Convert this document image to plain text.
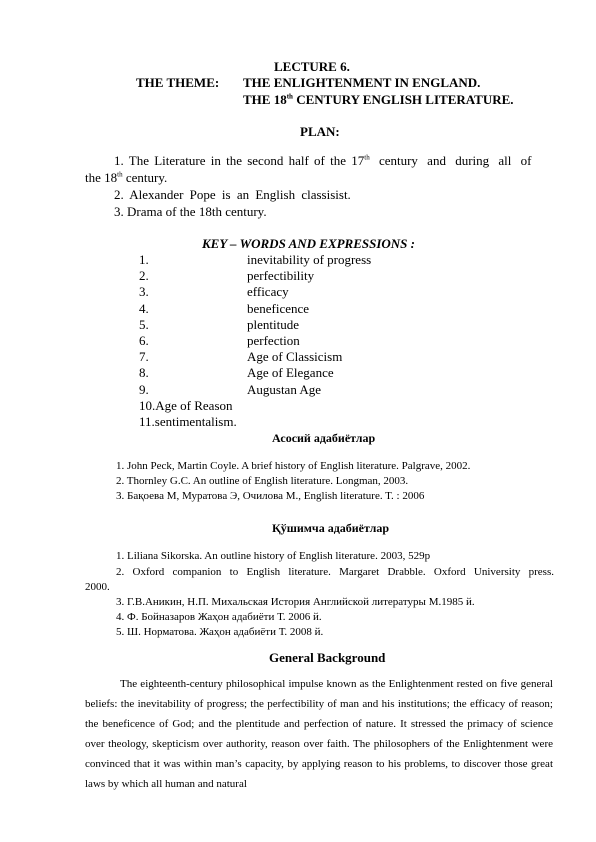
LECTURE 6.
THE THEME: THE ENLIGHTENMENT IN ENGLAND.
THE 18th CENTURY ENGLISH LITERATURE.
PLAN:
1. The Literature in the second half of the 17th century and during all of
the 18th century.
2. Alexander Pope is an English classisist.
3. Drama of the 18th century.
KEY – WORDS AND EXPRESSIONS :
1.	inevitability of progress
2.	perfectibility
3.	efficacy
4.	beneficence
5.	plentitude
6.	perfection
7.	Age of Classicism
8.	Age of Elegance
9.	Augustan Age
10.Age of Reason
11.sentimentalism.
Асосий адабиётлар
1. John Peck, Martin Coyle. A brief history of English literature. Palgrave, 2002.
2. Thornley G.C. An outline of English literature. Longman, 2003.
3. Бақоева М, Муратова Э, Очилова М., English literature. T. : 2006
Қўшимча адабиётлар
1. Liliana Sikorska. An outline history of English literature. 2003, 529p
2. Oxford companion to English literature. Margaret Drabble. Oxford University press.
2000.
3. Г.В.Аникин, Н.П. Михальская История Английской литературы М.1985 й.
4. Ф. Бойназаров Жаҳон адабиёти Т. 2006 й.
5. Ш. Норматова. Жаҳон адабиёти Т. 2008 й.
General Background
The eighteenth-century philosophical impulse known as the Enlightenment rested on five general beliefs: the inevitability of progress; the perfectibility of man and his institutions; the efficacy of reason; the beneficence of God; and the plentitude and perfection of nature. It stressed the primacy of science over theology, skepticism over authority, reason over faith. The philosophers of the Enlightenment were convinced that it was within man’s capacity, by applying reason to his problems, to discover those great laws by which all human and natural
